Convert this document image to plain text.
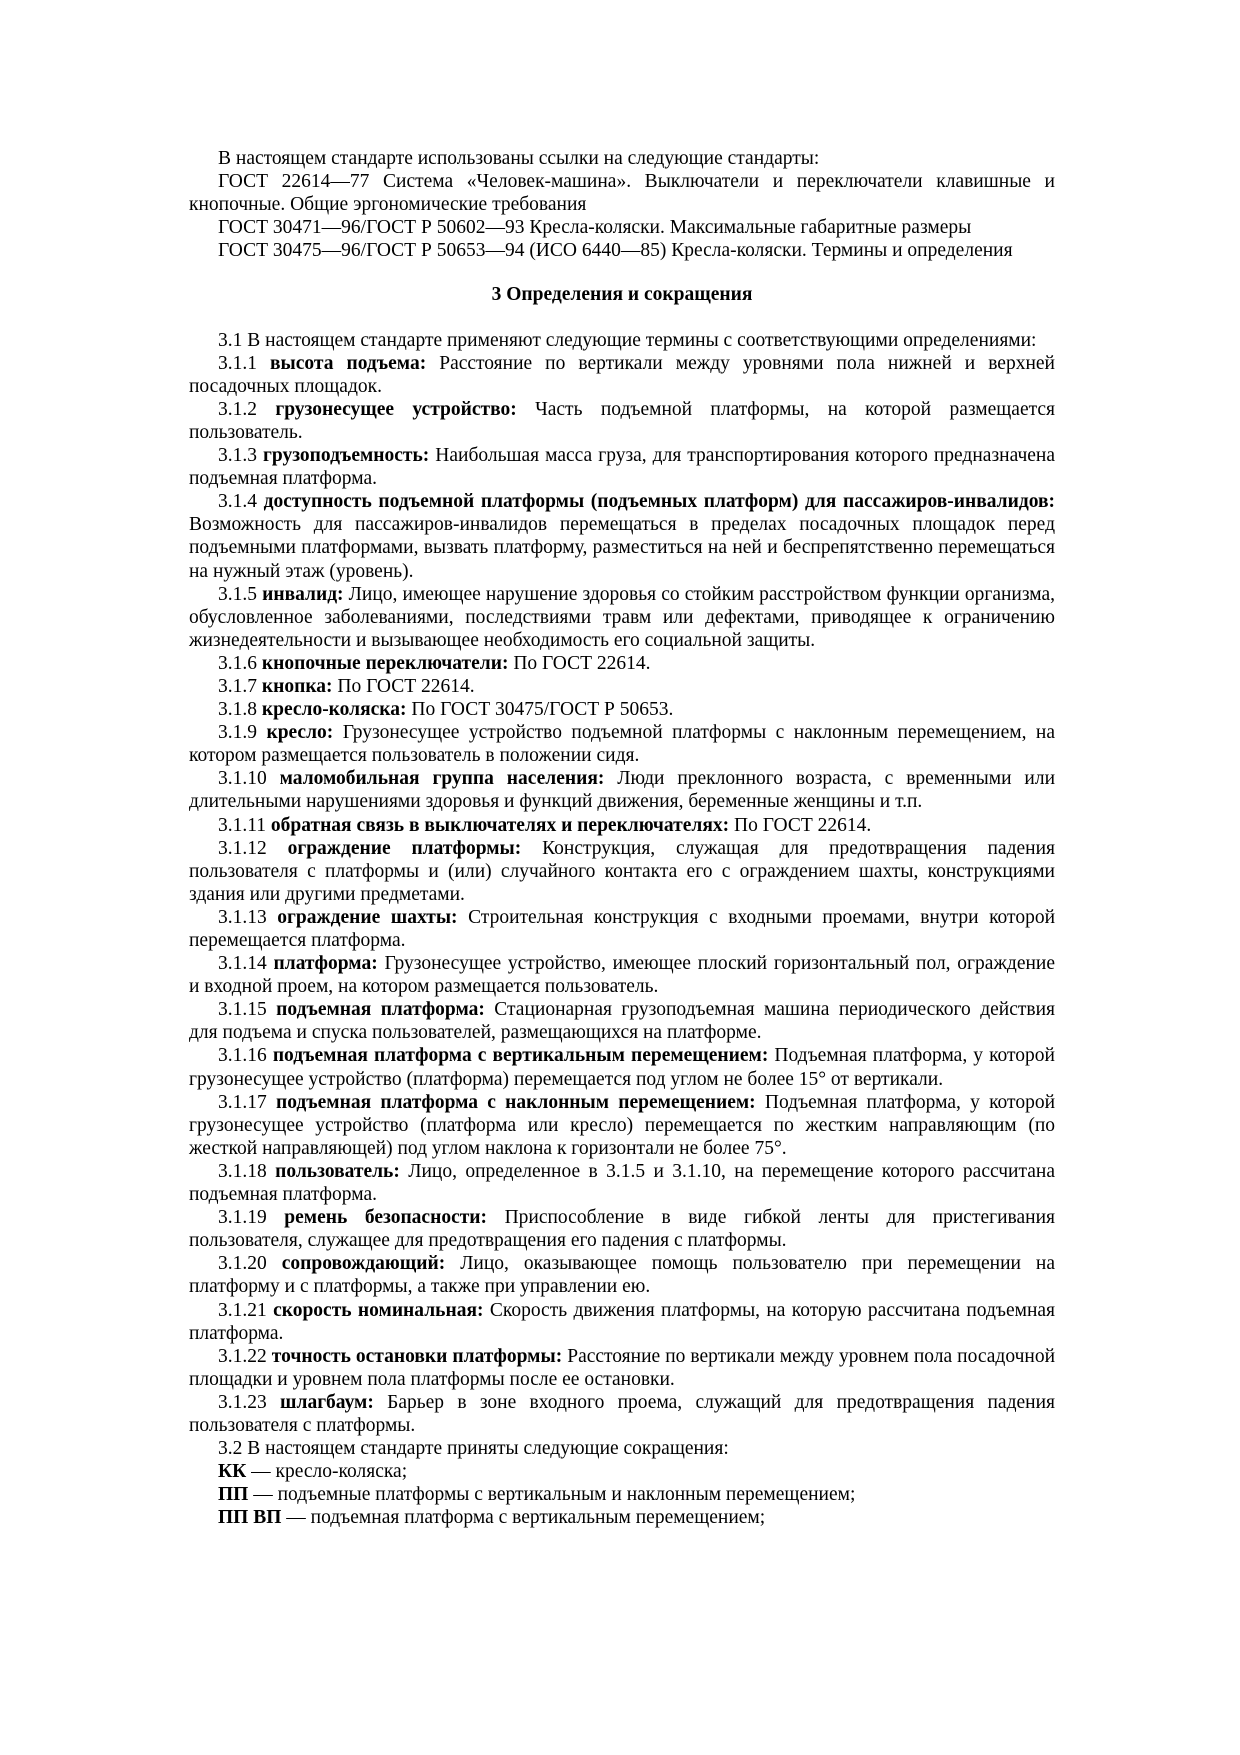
В настоящем стандарте использованы ссылки на следующие стандарты:

ГОСТ 22614—77 Система «Человек-машина». Выключатели и переключатели клавишные и кнопочные. Общие эргономические требования

ГОСТ 30471—96/ГОСТ Р 50602—93 Кресла-коляски. Максимальные габаритные размеры

ГОСТ 30475—96/ГОСТ Р 50653—94 (ИСО 6440—85) Кресла-коляски. Термины и определения

3 Определения и сокращения

3.1 В настоящем стандарте применяют следующие термины с соответствующими определениями:

3.1.1 высота подъема: Расстояние по вертикали между уровнями пола нижней и верхней посадочных площадок.

3.1.2 грузонесущее устройство: Часть подъемной платформы, на которой размещается пользователь.

3.1.3 грузоподъемность: Наибольшая масса груза, для транспортирования которого предназначена подъемная платформа.

3.1.4 доступность подъемной платформы (подъемных платформ) для пассажиров-инвалидов: Возможность для пассажиров-инвалидов перемещаться в пределах посадочных площадок перед подъемными платформами, вызвать платформу, разместиться на ней и беспрепятственно перемещаться на нужный этаж (уровень).

3.1.5 инвалид: Лицо, имеющее нарушение здоровья со стойким расстройством функции организма, обусловленное заболеваниями, последствиями травм или дефектами, приводящее к ограничению жизнедеятельности и вызывающее необходимость его социальной защиты.

3.1.6 кнопочные переключатели: По ГОСТ 22614.

3.1.7 кнопка: По ГОСТ 22614.

3.1.8 кресло-коляска: По ГОСТ 30475/ГОСТ Р 50653.

3.1.9 кресло: Грузонесущее устройство подъемной платформы с наклонным перемещением, на котором размещается пользователь в положении сидя.

3.1.10 маломобильная группа населения: Люди преклонного возраста, с временными или длительными нарушениями здоровья и функций движения, беременные женщины и т.п.

3.1.11 обратная связь в выключателях и переключателях: По ГОСТ 22614.

3.1.12 ограждение платформы: Конструкция, служащая для предотвращения падения пользователя с платформы и (или) случайного контакта его с ограждением шахты, конструкциями здания или другими предметами.

3.1.13 ограждение шахты: Строительная конструкция с входными проемами, внутри которой перемещается платформа.

3.1.14 платформа: Грузонесущее устройство, имеющее плоский горизонтальный пол, ограждение и входной проем, на котором размещается пользователь.

3.1.15 подъемная платформа: Стационарная грузоподъемная машина периодического действия для подъема и спуска пользователей, размещающихся на платформе.

3.1.16 подъемная платформа с вертикальным перемещением: Подъемная платформа, у которой грузонесущее устройство (платформа) перемещается под углом не более 15° от вертикали.

3.1.17 подъемная платформа с наклонным перемещением: Подъемная платформа, у которой грузонесущее устройство (платформа или кресло) перемещается по жестким направляющим (по жесткой направляющей) под углом наклона к горизонтали не более 75°.

3.1.18 пользователь: Лицо, определенное в 3.1.5 и 3.1.10, на перемещение которого рассчитана подъемная платформа.

3.1.19 ремень безопасности: Приспособление в виде гибкой ленты для пристегивания пользователя, служащее для предотвращения его падения с платформы.

3.1.20 сопровождающий: Лицо, оказывающее помощь пользователю при перемещении на платформу и с платформы, а также при управлении ею.

3.1.21 скорость номинальная: Скорость движения платформы, на которую рассчитана подъемная платформа.

3.1.22 точность остановки платформы: Расстояние по вертикали между уровнем пола посадочной площадки и уровнем пола платформы после ее остановки.

3.1.23 шлагбаум: Барьер в зоне входного проема, служащий для предотвращения падения пользователя с платформы.

3.2 В настоящем стандарте приняты следующие сокращения:

КК — кресло-коляска;

ПП — подъемные платформы с вертикальным и наклонным перемещением;

ПП ВП — подъемная платформа с вертикальным перемещением;
